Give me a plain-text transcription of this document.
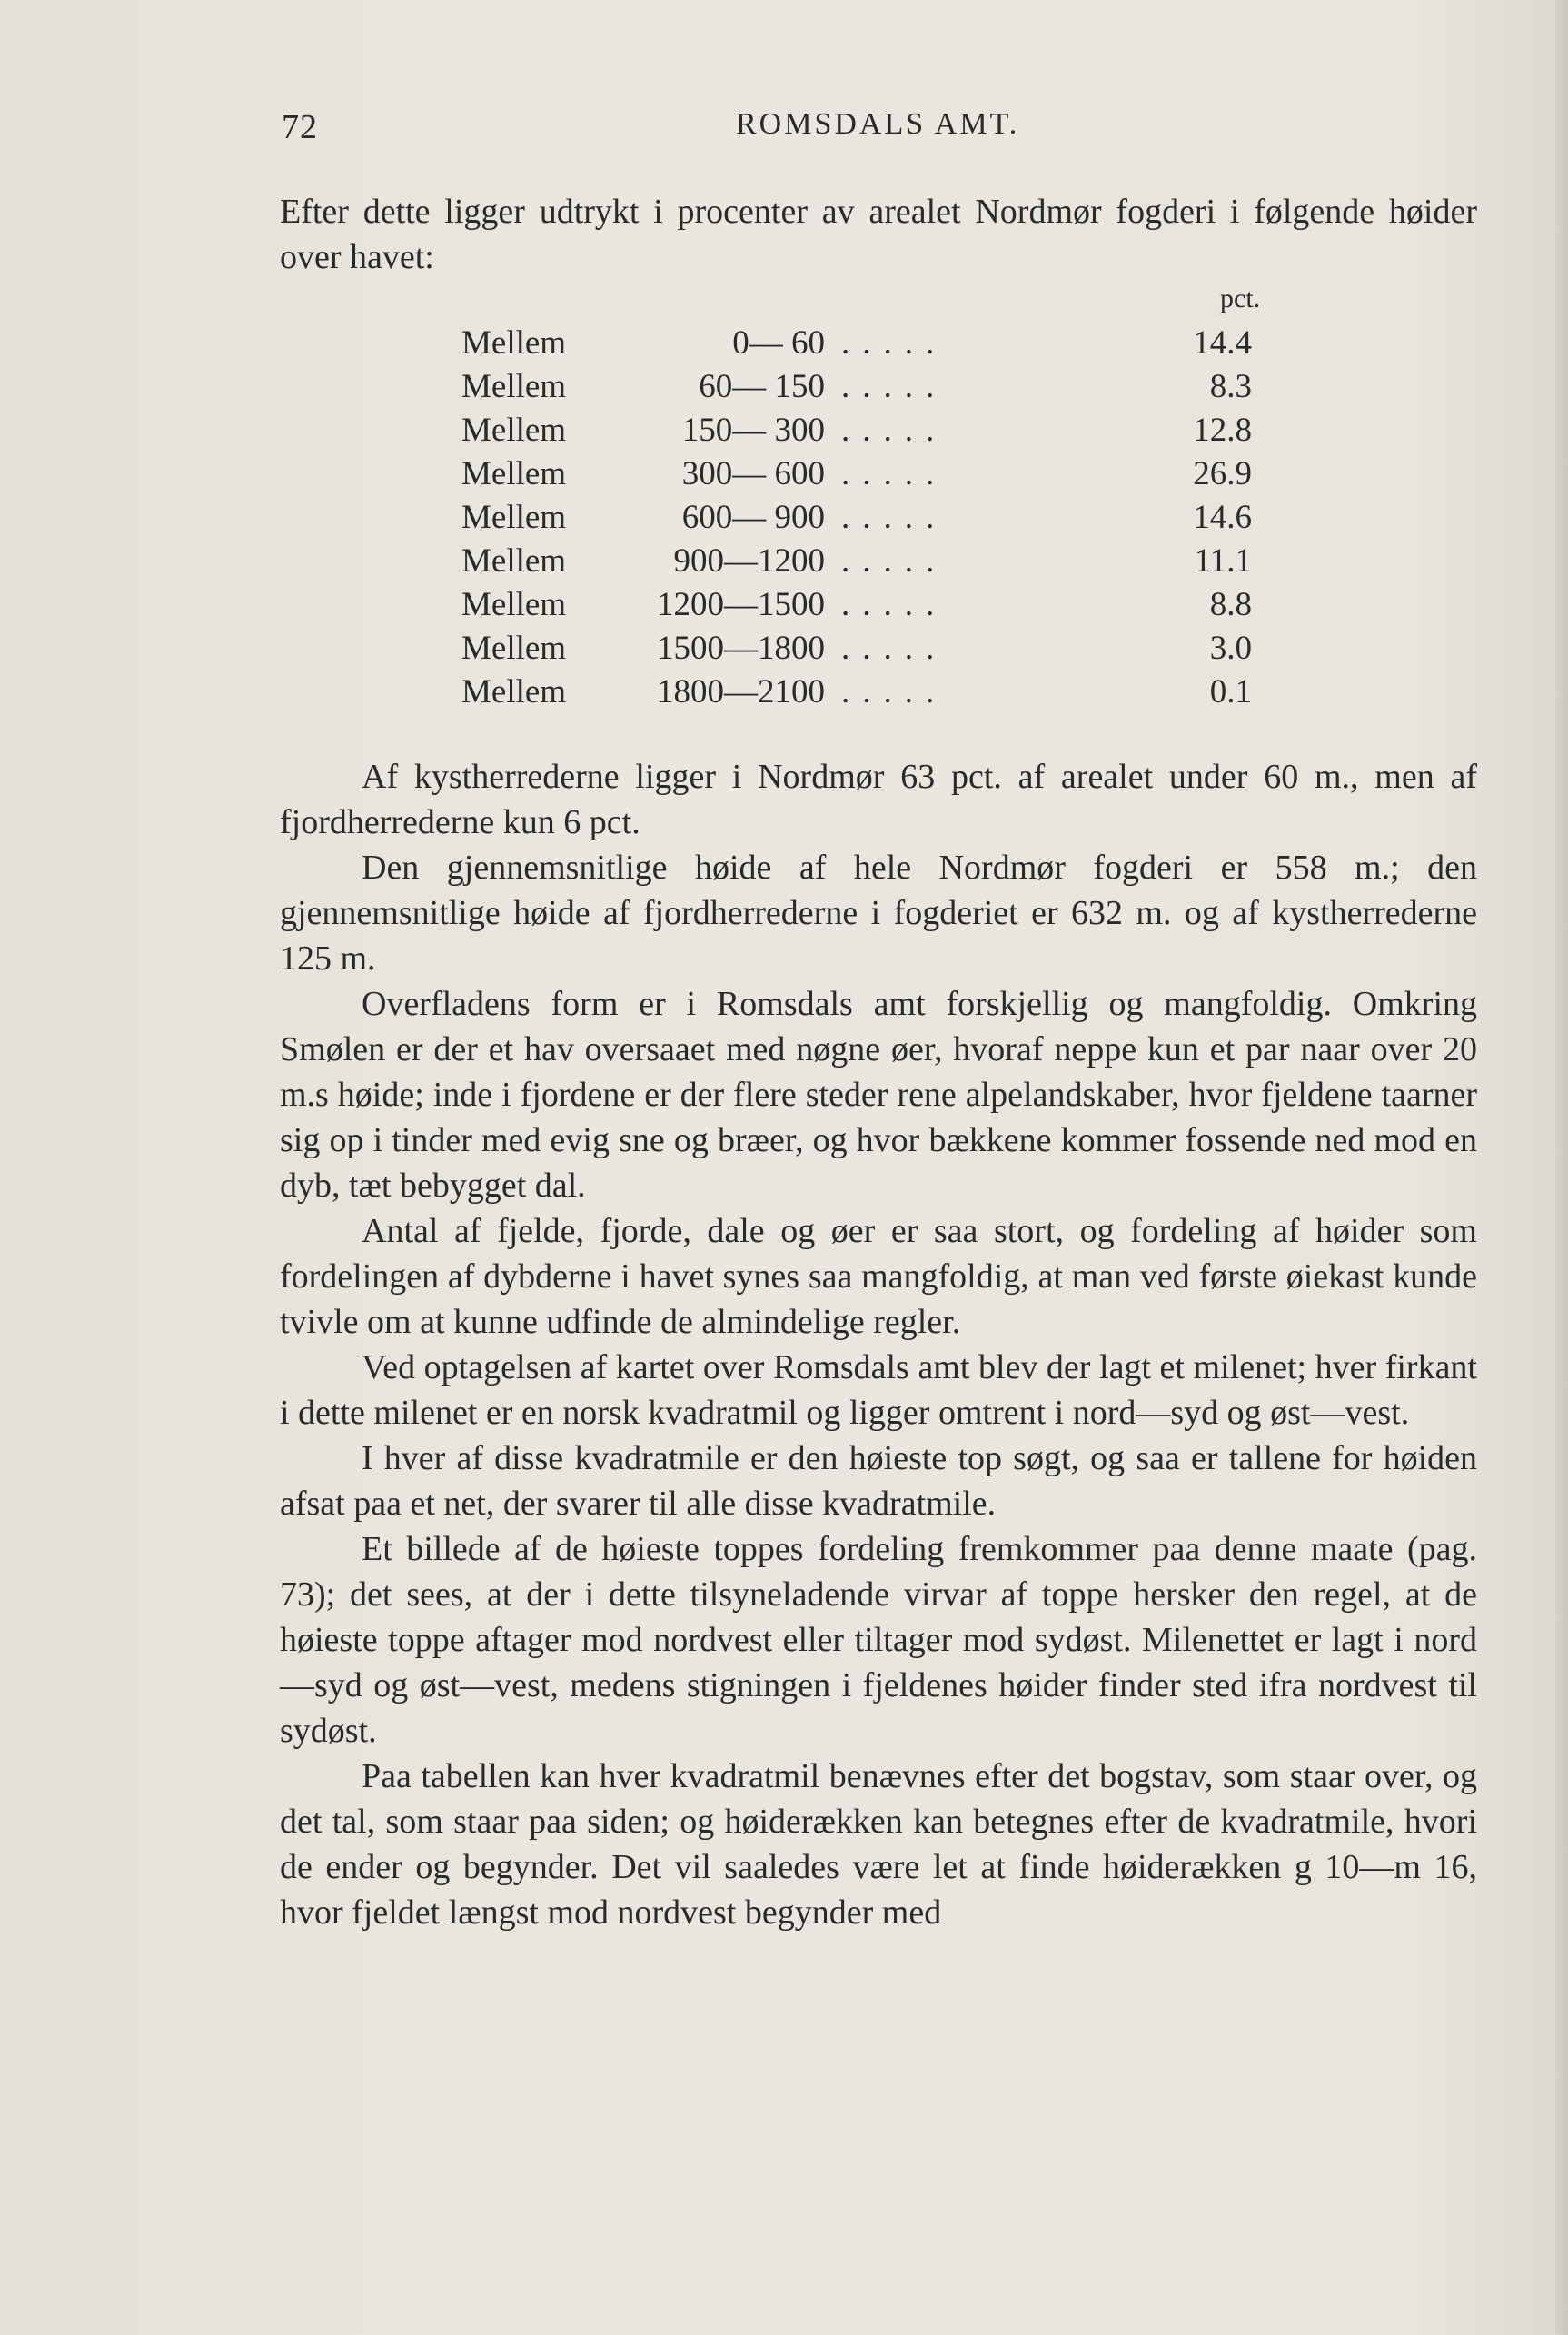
72	ROMSDALS AMT.
Efter dette ligger udtrykt i procenter av arealet Nordmør fogderi i følgende høider over havet:
pct.
Mellem	0— 60 .....	14.4
Mellem	60— 150 .....	8.3
Mellem	150— 300 .....	12.8
Mellem	300— 600 .....	26.9
Mellem	600— 900 .....	14.6
Mellem	900—1200 .....	11.1
Mellem	1200—1500 .....	8.8
Mellem	1500—1800 .....	3.0
Mellem	1800—2100 .....	0.1

Af kystherrederne ligger i Nordmør 63 pct. af arealet under 60 m., men af fjordherrederne kun 6 pct.

Den gjennemsnitlige høide af hele Nordmør fogderi er 558 m.; den gjennemsnitlige høide af fjordherrederne i fogderiet er 632 m. og af kystherrederne 125 m.

Overfladens form er i Romsdals amt forskjellig og mangfoldig. Omkring Smølen er der et hav oversaaet med nøgne øer, hvoraf neppe kun et par naar over 20 m.s høide; inde i fjordene er der flere steder rene alpelandskaber, hvor fjeldene taarner sig op i tinder med evig sne og bræer, og hvor bækkene kommer fossende ned mod en dyb, tæt bebygget dal.

Antal af fjelde, fjorde, dale og øer er saa stort, og fordeling af høider som fordelingen af dybderne i havet synes saa mangfoldig, at man ved første øiekast kunde tvivle om at kunne udfinde de almindelige regler.

Ved optagelsen af kartet over Romsdals amt blev der lagt et milenet; hver firkant i dette milenet er en norsk kvadratmil og ligger omtrent i nord—syd og øst—vest.

I hver af disse kvadratmile er den høieste top søgt, og saa er tallene for høiden afsat paa et net, der svarer til alle disse kvadratmile.

Et billede af de høieste toppes fordeling fremkommer paa denne maate (pag. 73); det sees, at der i dette tilsyneladende virvar af toppe hersker den regel, at de høieste toppe aftager mod nordvest eller tiltager mod sydøst. Milenettet er lagt i nord—syd og øst—vest, medens stigningen i fjeldenes høider finder sted ifra nordvest til sydøst.

Paa tabellen kan hver kvadratmil benævnes efter det bogstav, som staar over, og det tal, som staar paa siden; og høiderækken kan betegnes efter de kvadratmile, hvori de ender og begynder. Det vil saaledes være let at finde høiderækken g 10—m 16, hvor fjeldet længst mod nordvest begynder med
